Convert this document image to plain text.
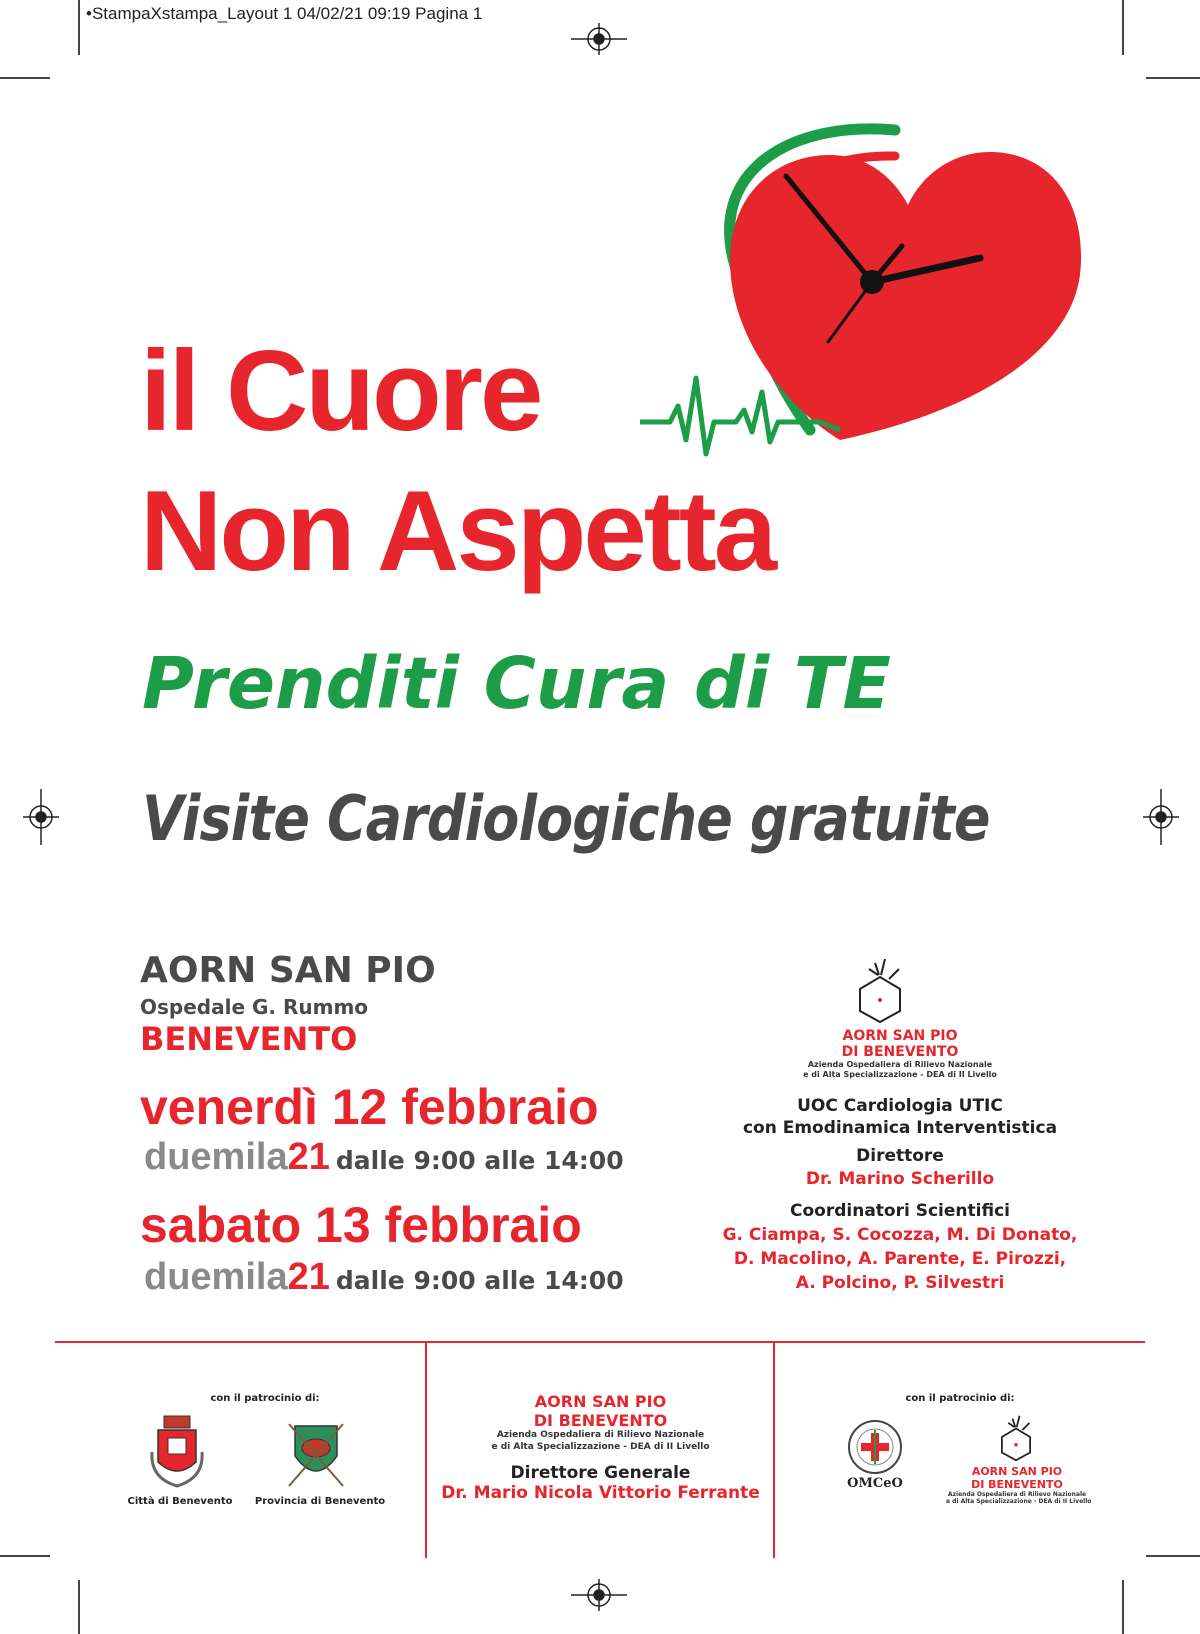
•StampaXstampa_Layout 1 04/02/21 09:19 Pagina 1
il Cuore
Non Aspetta
Prenditi Cura di TE
Visite Cardiologiche gratuite
AORN SAN PIO
Ospedale G. Rummo
BENEVENTO
venerdì 12 febbraio
duemila21 dalle 9:00 alle 14:00
sabato 13 febbraio
duemila21 dalle 9:00 alle 14:00
AORN SAN PIO
DI BENEVENTO
Azienda Ospedaliera di Rilievo Nazionale
e di Alta Specializzazione - DEA di II Livello
UOC Cardiologia UTIC
con Emodinamica Interventistica
Direttore
Dr. Marino Scherillo
Coordinatori Scientifici
G. Ciampa, S. Cocozza, M. Di Donato,
D. Macolino, A. Parente, E. Pirozzi,
A. Polcino, P. Silvestri
con il patrocinio di:
Città di Benevento	Provincia di Benevento
AORN SAN PIO
DI BENEVENTO
Azienda Ospedaliera di Rilievo Nazionale
e di Alta Specializzazione - DEA di II Livello
Direttore Generale
Dr. Mario Nicola Vittorio Ferrante
con il patrocinio di:
OMCeO
AORN SAN PIO
DI BENEVENTO
Azienda Ospedaliera di Rilievo Nazionale
e di Alta Specializzazione - DEA di II Livello
